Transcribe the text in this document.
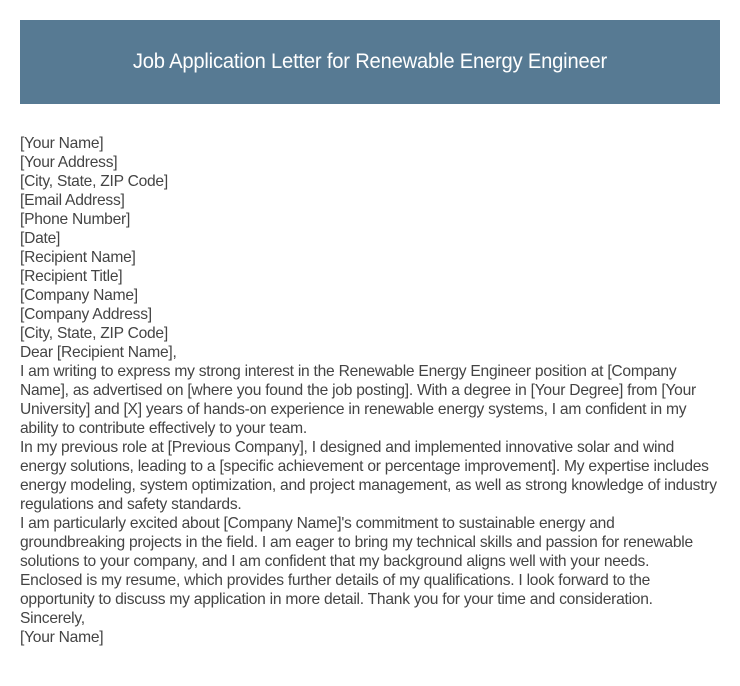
Job Application Letter for Renewable Energy Engineer

[Your Name]

[Your Address]

[City, State, ZIP Code]

[Email Address]

[Phone Number]

[Date]

[Recipient Name]

[Recipient Title]

[Company Name]

[Company Address]

[City, State, ZIP Code]

Dear [Recipient Name],

I am writing to express my strong interest in the Renewable Energy Engineer position at [Company Name], as advertised on [where you found the job posting]. With a degree in [Your Degree] from [Your University] and [X] years of hands-on experience in renewable energy systems, I am confident in my ability to contribute effectively to your team.

In my previous role at [Previous Company], I designed and implemented innovative solar and wind energy solutions, leading to a [specific achievement or percentage improvement]. My expertise includes energy modeling, system optimization, and project management, as well as strong knowledge of industry regulations and safety standards.

I am particularly excited about [Company Name]'s commitment to sustainable energy and groundbreaking projects in the field. I am eager to bring my technical skills and passion for renewable solutions to your company, and I am confident that my background aligns well with your needs.

Enclosed is my resume, which provides further details of my qualifications. I look forward to the opportunity to discuss my application in more detail. Thank you for your time and consideration.

Sincerely,

[Your Name]
